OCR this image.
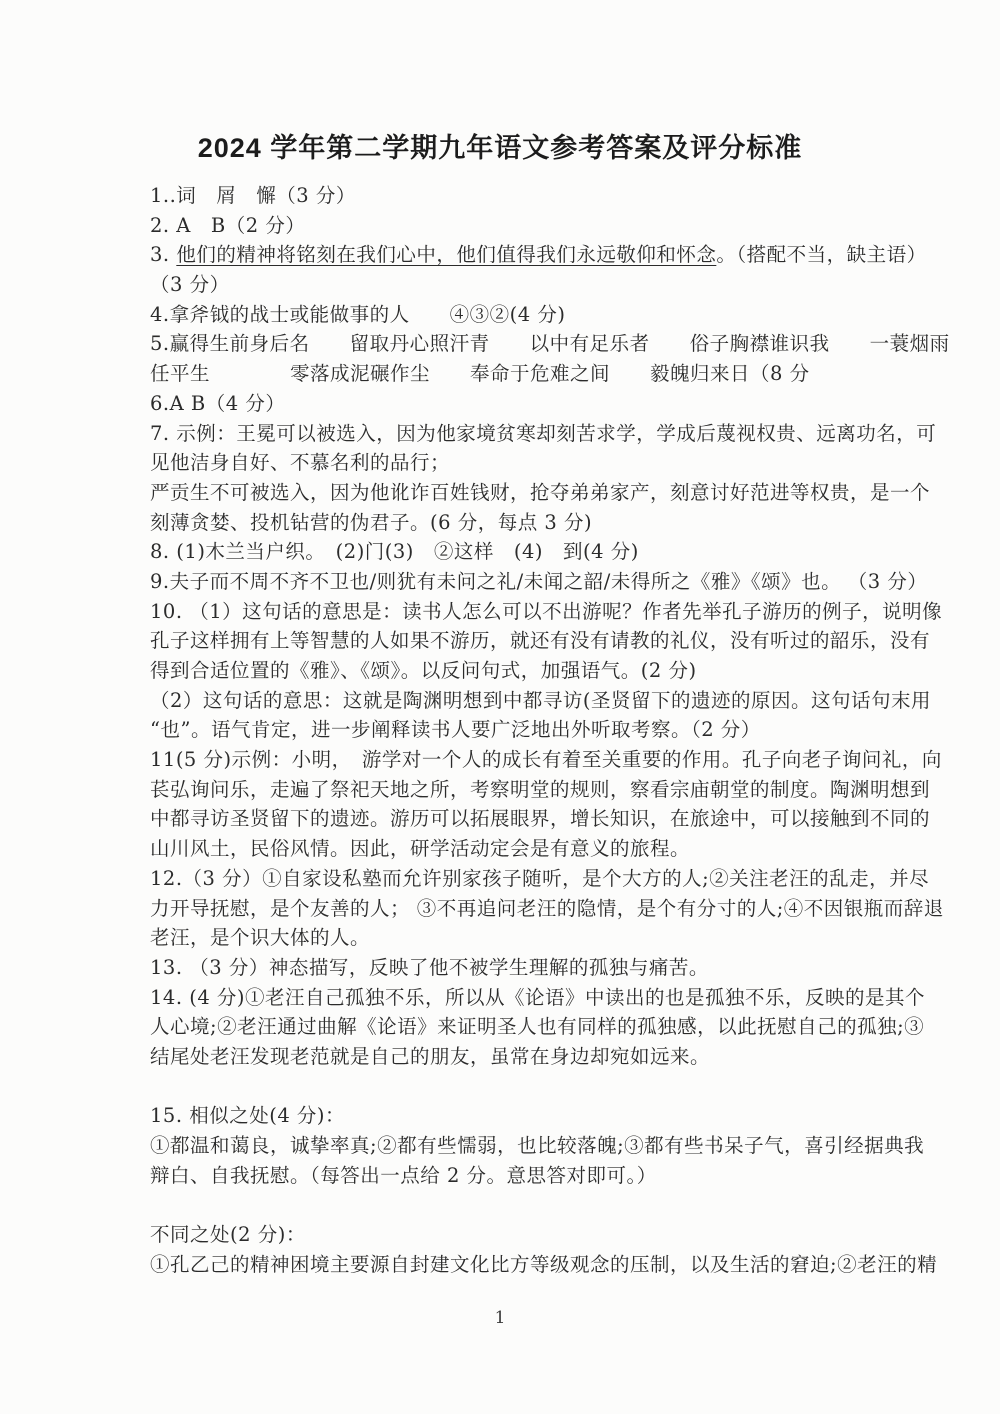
2024 学年第二学期九年语文参考答案及评分标准
1..词　屑　懈（3 分）
2. A　B（2 分）
3. 他们的精神将铭刻在我们心中，他们值得我们永远敬仰和怀念。（搭配不当，缺主语）
（3 分）
4.拿斧钺的战士或能做事的人　　④③②(4 分)
5.赢得生前身后名　　留取丹心照汗青　　以中有足乐者　　俗子胸襟谁识我　　一蓑烟雨
任平生　　　　零落成泥碾作尘　　奉命于危难之间　　毅魄归来日（8 分
6.A B（4 分）
7. 示例：王冕可以被选入，因为他家境贫寒却刻苦求学，学成后蔑视权贵、远离功名，可
见他洁身自好、不慕名利的品行；
严贡生不可被选入，因为他讹诈百姓钱财，抢夺弟弟家产，刻意讨好范进等权贵，是一个
刻薄贪婪、投机钻营的伪君子。(6 分，每点 3 分)
8. (1)木兰当户织。　(2)门(3)　②这样　(4)　到(4 分)
9.夫子而不周不齐不卫也/则犹有未问之礼/未闻之韶/未得所之《雅》《颂》也。 （3 分）
10. （1）这句话的意思是：读书人怎么可以不出游呢？作者先举孔子游历的例子，说明像
孔子这样拥有上等智慧的人如果不游历，就还有没有请教的礼仪，没有听过的韶乐，没有
得到合适位置的《雅》、《颂》。以反问句式，加强语气。(2 分)
（2）这句话的意思：这就是陶渊明想到中都寻访(圣贤留下的遗迹的原因。这句话句末用
“也”。语气肯定，进一步阐释读书人要广泛地出外听取考察。（2 分）
11(5 分)示例：小明，　游学对一个人的成长有着至关重要的作用。孔子向老子询问礼，向
苌弘询问乐，走遍了祭祀天地之所，考察明堂的规则，察看宗庙朝堂的制度。陶渊明想到
中都寻访圣贤留下的遗迹。游历可以拓展眼界，增长知识，在旅途中，可以接触到不同的
山川风土，民俗风情。因此，研学活动定会是有意义的旅程。
12.（3 分）①自家设私塾而允许别家孩子随听，是个大方的人;②关注老汪的乱走，并尽
力开导抚慰，是个友善的人； ③不再追问老汪的隐情，是个有分寸的人;④不因银瓶而辞退
老汪，是个识大体的人。
13. （3 分）神态描写，反映了他不被学生理解的孤独与痛苦。
14. (4 分)①老汪自己孤独不乐，所以从《论语》中读出的也是孤独不乐，反映的是其个
人心境;②老汪通过曲解《论语》来证明圣人也有同样的孤独感，以此抚慰自己的孤独;③
结尾处老汪发现老范就是自己的朋友，虽常在身边却宛如远来。
15. 相似之处(4 分)：
①都温和蔼良，诚挚率真;②都有些懦弱，也比较落魄;③都有些书呆子气，喜引经据典我
辩白、自我抚慰。（每答出一点给 2 分。意思答对即可。）
不同之处(2 分)：
①孔乙己的精神困境主要源自封建文化比方等级观念的压制，以及生活的窘迫;②老汪的精
1
